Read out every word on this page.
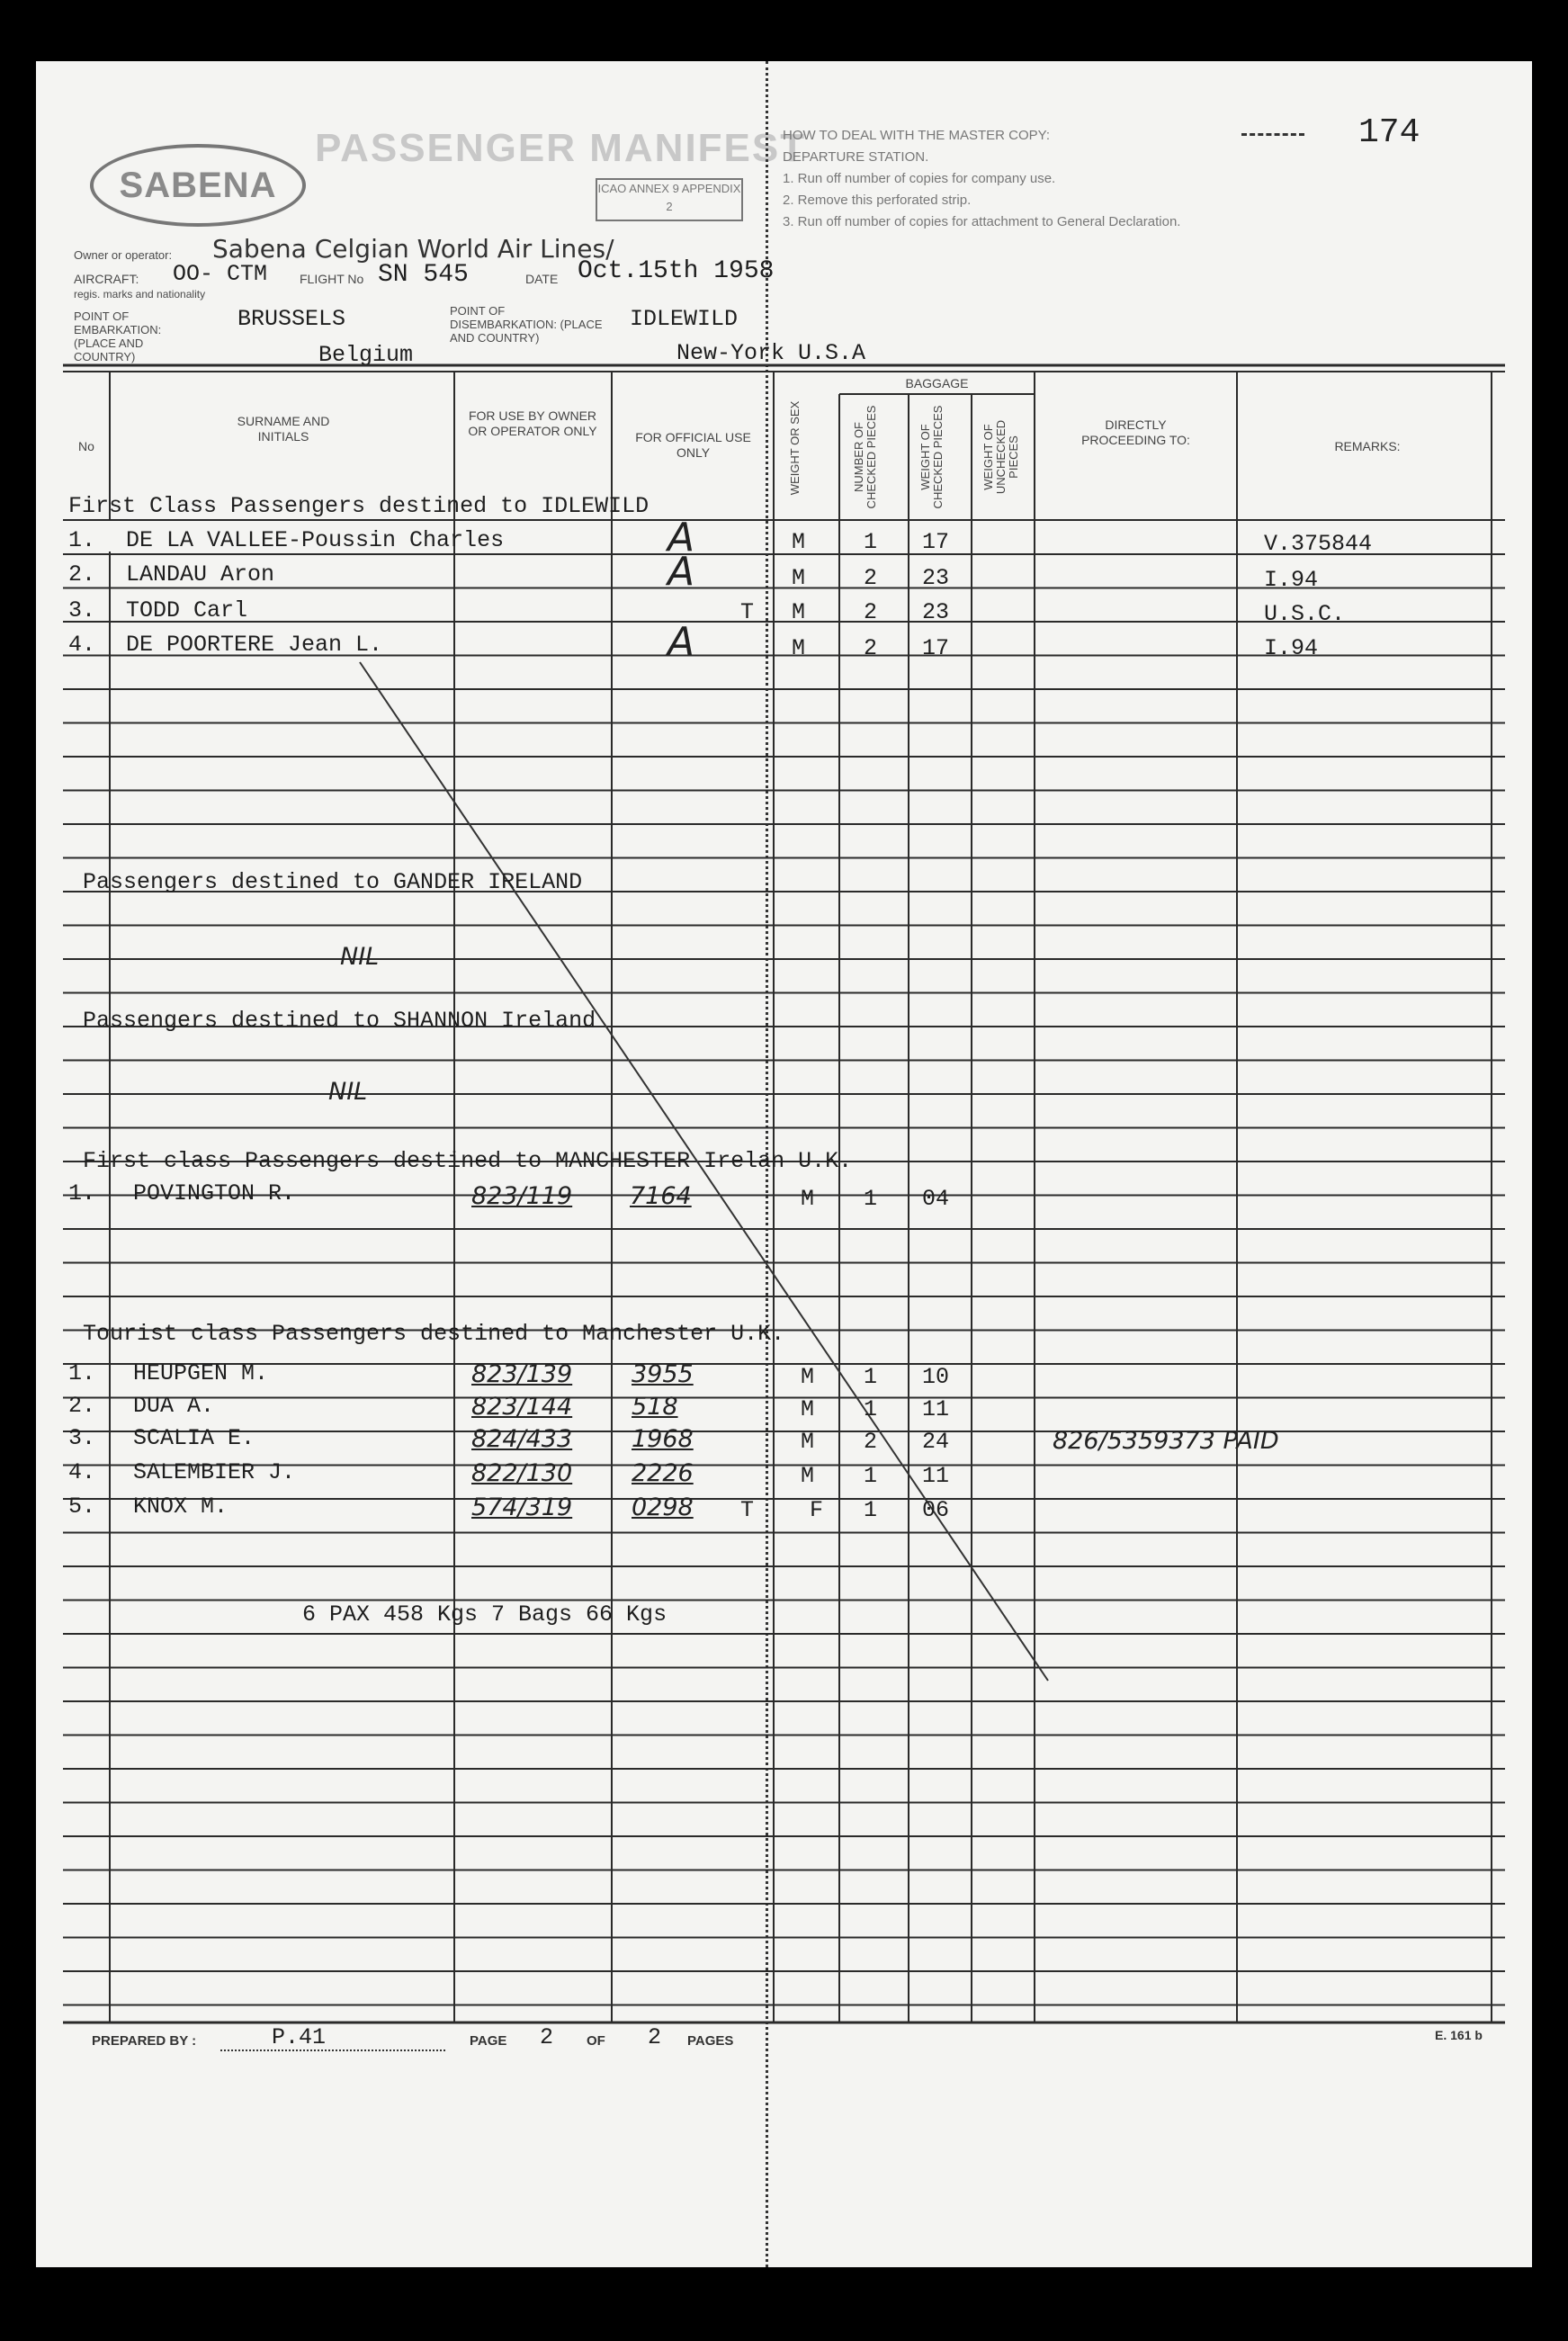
SABENA
PASSENGER MANIFEST
ICAO ANNEX 9 APPENDIX 2
174
HOW TO DEAL WITH THE MASTER COPY:
DEPARTURE STATION.
1. Run off number of copies for company use.
2. Remove this perforated strip.
3. Run off number of copies for attachment to General Declaration.
Owner or operator: Sabena Celgian World Air Lines/
AIRCRAFT: OO- CTM
regis. marks and nationality
FLIGHT No SN 545	DATE Oct.15th 1958
POINT OF EMBARKATION: (PLACE AND COUNTRY)
BRUSSELS
Belgium
POINT OF DISEMBARKATION: (PLACE AND COUNTRY)
IDLEWILD
New-York U.S.A
No
SURNAME AND INITIALS
FOR USE BY OWNER OR OPERATOR ONLY	FOR OFFICIAL USE ONLY	WEIGHT OR SEX
BAGGAGE
NUMBER OF CHECKED PIECES	WEIGHT OF CHECKED PIECES	WEIGHT OF UNCHECKED PIECES
DIRECTLY PROCEEDING TO:	REMARKS:
First Class Passengers destined to IDLEWILD
1. DE LA VALLEE-Poussin Charles	A	M	1 17	V.375844
2. LANDAU Aron	A	M	2 23	I.94
3. TODD Carl	T M	2 23	U.S.C.
4. DE POORTERE Jean L.	A	M	2 17	I.94
Passengers destined to GANDER IRELAND
NIL
Passengers destined to SHANNON Ireland
NIL
First class Passengers destined to MANCHESTER Irelan U.K.
1. POVINGTON R.	823/119 7164	M 1 04
Tourist class Passengers destined to Manchester U.K.
1. HEUPGEN M.	823/139 3955	M 1 10
2. DUA A.	823/144 518	M 1 11
3. SCALIA E.	824/433 1968	M 2 24	826/5359373 PAID
4. SALEMBIER J.	822/130 2226	M 1 11
5. KNOX M.	574/319 0298 T F 1 06
6 PAX 458 Kgs 7 Bags 66 Kgs
PREPARED BY :	P.41	PAGE 2 OF 2 PAGES	E. 161 b
